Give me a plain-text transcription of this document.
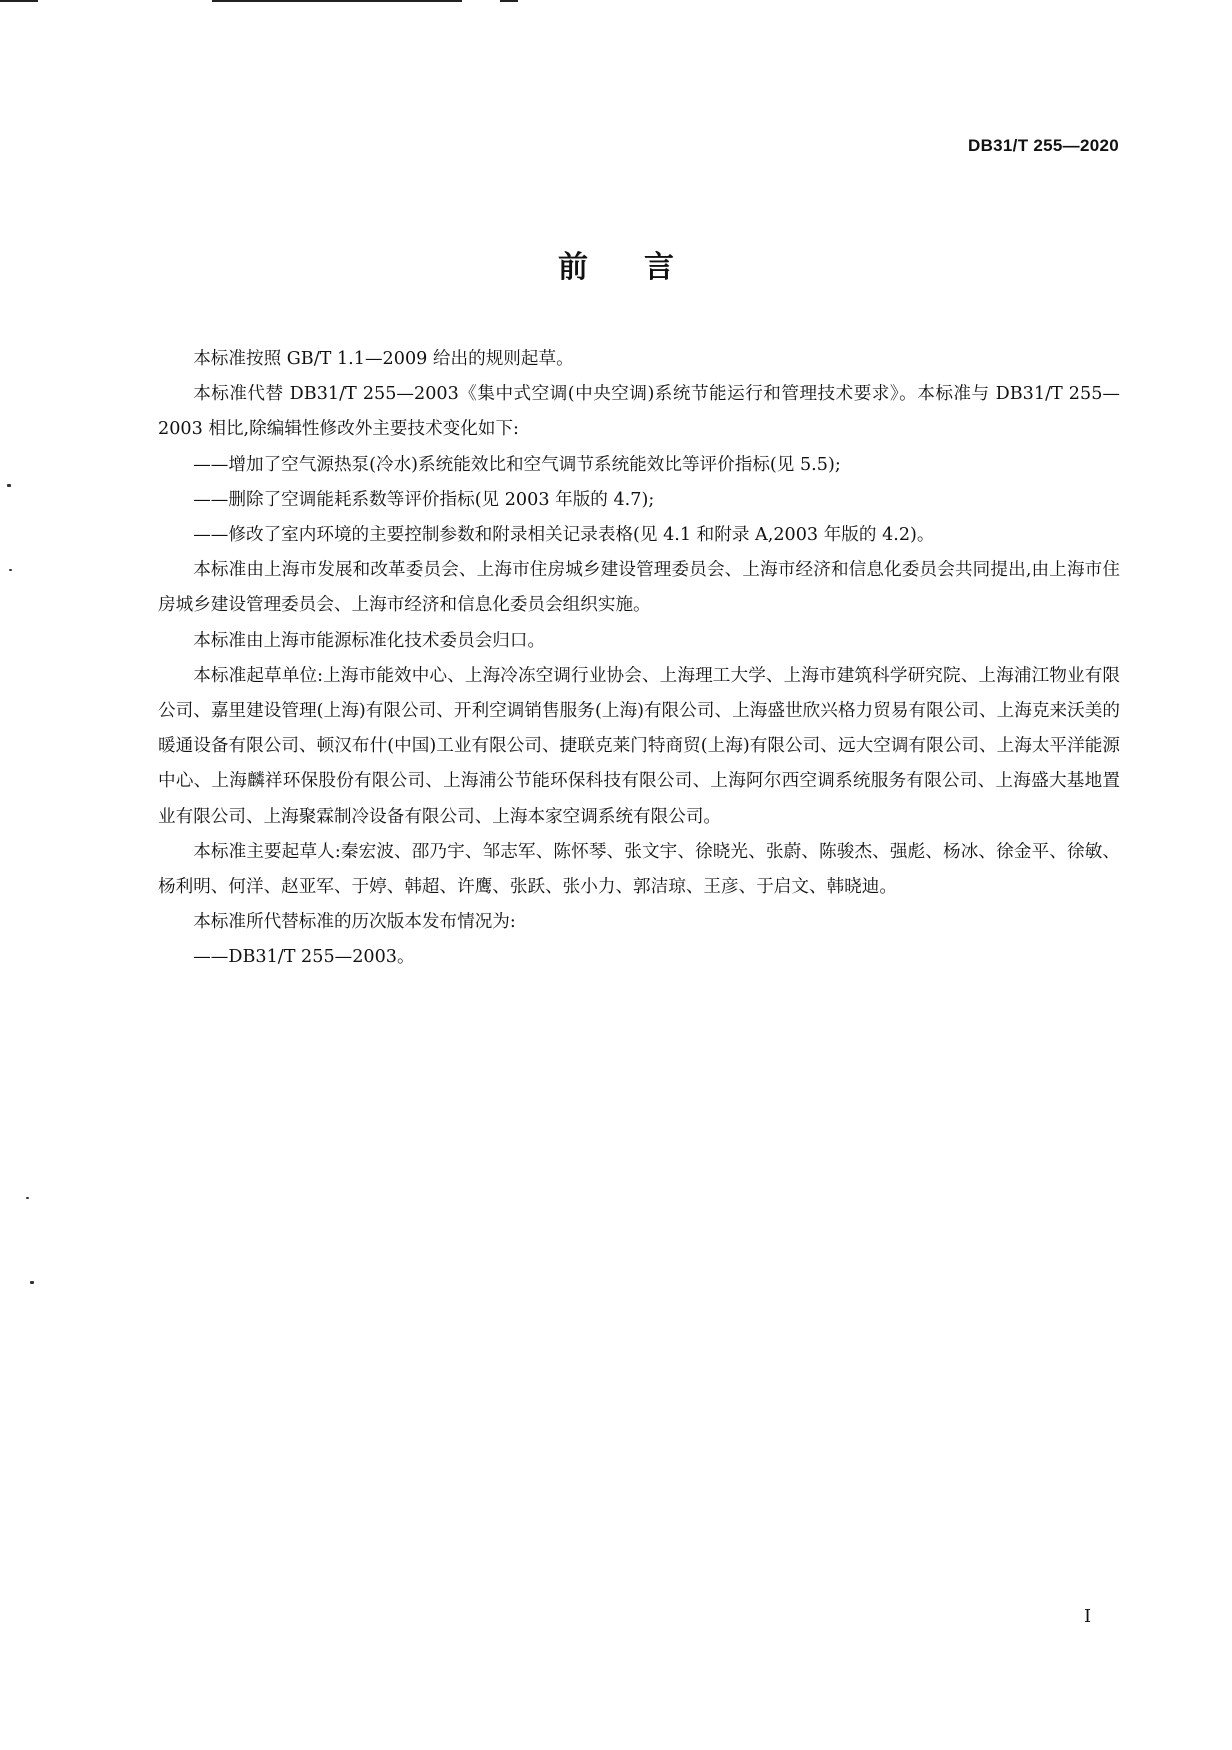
DB31/T 255—2020
前言

本标准按照 GB/T 1.1—2009 给出的规则起草。

本标准代替 DB31/T 255—2003《集中式空调(中央空调)系统节能运行和管理技术要求》。本标准与 DB31/T 255—2003 相比,除编辑性修改外主要技术变化如下:

——增加了空气源热泵(冷水)系统能效比和空气调节系统能效比等评价指标(见 5.5);

——删除了空调能耗系数等评价指标(见 2003 年版的 4.7);

——修改了室内环境的主要控制参数和附录相关记录表格(见 4.1 和附录 A,2003 年版的 4.2)。

本标准由上海市发展和改革委员会、上海市住房城乡建设管理委员会、上海市经济和信息化委员会共同提出,由上海市住房城乡建设管理委员会、上海市经济和信息化委员会组织实施。

本标准由上海市能源标准化技术委员会归口。

本标准起草单位:上海市能效中心、上海冷冻空调行业协会、上海理工大学、上海市建筑科学研究院、上海浦江物业有限公司、嘉里建设管理(上海)有限公司、开利空调销售服务(上海)有限公司、上海盛世欣兴格力贸易有限公司、上海克来沃美的暖通设备有限公司、顿汉布什(中国)工业有限公司、捷联克莱门特商贸(上海)有限公司、远大空调有限公司、上海太平洋能源中心、上海麟祥环保股份有限公司、上海浦公节能环保科技有限公司、上海阿尔西空调系统服务有限公司、上海盛大基地置业有限公司、上海聚霖制冷设备有限公司、上海本家空调系统有限公司。

本标准主要起草人:秦宏波、邵乃宇、邹志军、陈怀琴、张文宇、徐晓光、张蔚、陈骏杰、强彪、杨冰、徐金平、徐敏、杨利明、何洋、赵亚军、于婷、韩超、许鹰、张跃、张小力、郭洁琼、王彦、于启文、韩晓迪。

本标准所代替标准的历次版本发布情况为:

——DB31/T 255—2003。

I
